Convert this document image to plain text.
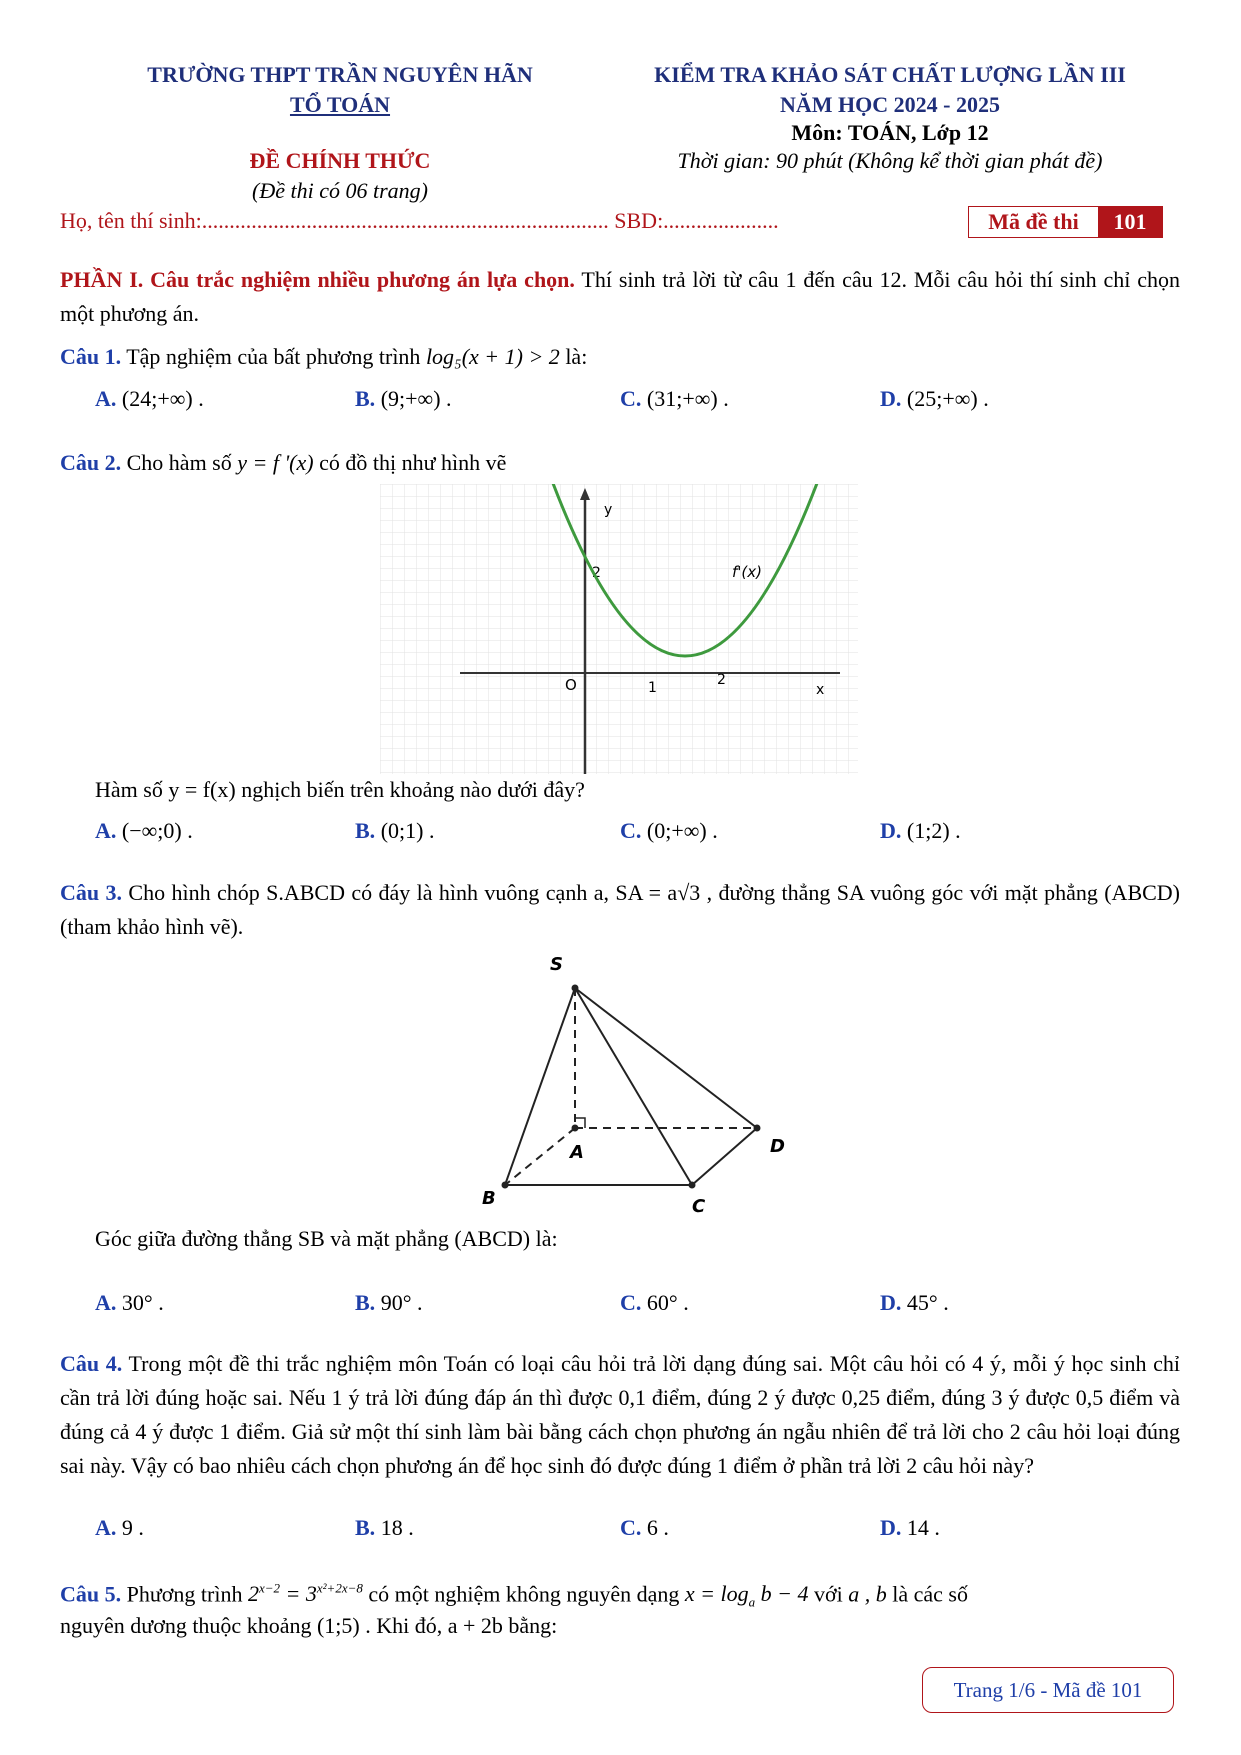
TRƯỜNG THPT TRẦN NGUYÊN HÃN
TỔ TOÁN
ĐỀ CHÍNH THỨC
(Đề thi có 06 trang)
KIỂM TRA KHẢO SÁT CHẤT LƯỢNG LẦN III
NĂM HỌC 2024 - 2025
Môn: TOÁN, Lớp 12
Thời gian: 90 phút (Không kể thời gian phát đề)
Họ, tên thí sinh:.......................................................................... SBD:.....................	Mã đề thi	101
PHẦN I. Câu trắc nghiệm nhiều phương án lựa chọn. Thí sinh trả lời từ câu 1 đến câu 12. Mỗi câu hỏi thí sinh chỉ chọn một phương án.
Câu 1. Tập nghiệm của bất phương trình log₅(x + 1) > 2 là:
A. (24;+∞) .	B. (9;+∞) .	C. (31;+∞) .	D. (25;+∞) .
Câu 2. Cho hàm số y = f '(x) có đồ thị như hình vẽ
y
x
O	1	2
2	f'(x)
Hàm số y = f(x) nghịch biến trên khoảng nào dưới đây?
A. (−∞;0) .	B. (0;1) .	C. (0;+∞) .	D. (1;2) .
Câu 3. Cho hình chóp S.ABCD có đáy là hình vuông cạnh a, SA = a√3 , đường thẳng SA vuông góc với mặt phẳng (ABCD) (tham khảo hình vẽ).
S
A
B	C
D
Góc giữa đường thẳng SB và mặt phẳng (ABCD) là:
A. 30° .	B. 90° .	C. 60° .	D. 45° .
Câu 4. Trong một đề thi trắc nghiệm môn Toán có loại câu hỏi trả lời dạng đúng sai. Một câu hỏi có 4 ý, mỗi ý học sinh chỉ cần trả lời đúng hoặc sai. Nếu 1 ý trả lời đúng đáp án thì được 0,1 điểm, đúng 2 ý được 0,25 điểm, đúng 3 ý được 0,5 điểm và đúng cả 4 ý được 1 điểm. Giả sử một thí sinh làm bài bằng cách chọn phương án ngẫu nhiên để trả lời cho 2 câu hỏi loại đúng sai này. Vậy có bao nhiêu cách chọn phương án để học sinh đó được đúng 1 điểm ở phần trả lời 2 câu hỏi này?
A. 9 .	B. 18 .	C. 6 .	D. 14 .
Câu 5. Phương trình $2^{x-2} = 3^{x^2+2x-8}$ có một nghiệm không nguyên dạng $x = \log_a b - 4$ với a , b là các số
nguyên dương thuộc khoảng (1;5) . Khi đó, a + 2b bằng:
Trang 1/6 - Mã đề 101
